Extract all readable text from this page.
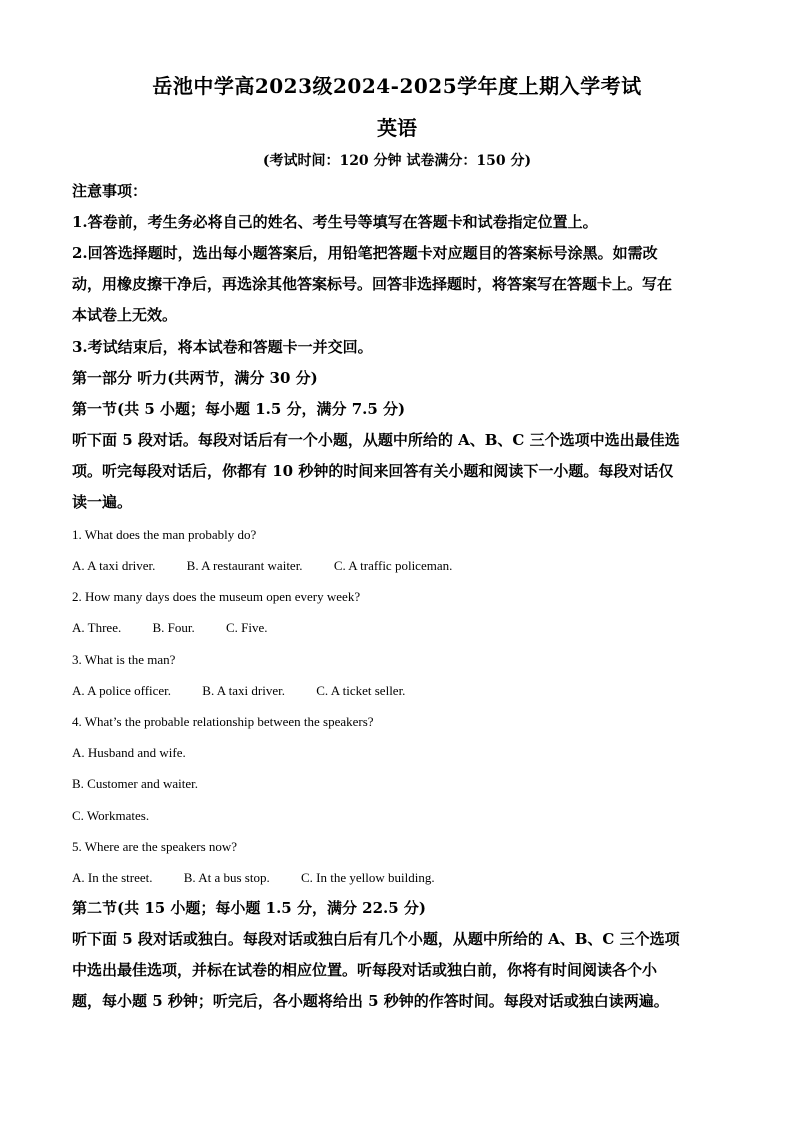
岳池中学高2023级2024-2025学年度上期入学考试
英语
(考试时间：120 分钟 试卷满分：150 分)
注意事项：
1.答卷前，考生务必将自己的姓名、考生号等填写在答题卡和试卷指定位置上。
2.回答选择题时，选出每小题答案后，用铅笔把答题卡对应题目的答案标号涂黑。如需改
动，用橡皮擦干净后，再选涂其他答案标号。回答非选择题时，将答案写在答题卡上。写在
本试卷上无效。
3.考试结束后，将本试卷和答题卡一并交回。
第一部分 听力(共两节，满分 30 分)
第一节(共 5 小题；每小题 1.5 分，满分 7.5 分)
听下面 5 段对话。每段对话后有一个小题，从题中所给的 A、B、C 三个选项中选出最佳选
项。听完每段对话后，你都有 10 秒钟的时间来回答有关小题和阅读下一小题。每段对话仅
读一遍。
1. What does the man probably do?
A. A taxi driver. B. A restaurant waiter. C. A traffic policeman.
2. How many days does the museum open every week?
A. Three. B. Four. C. Five.
3. What is the man?
A. A police officer. B. A taxi driver. C. A ticket seller.
4. What’s the probable relationship between the speakers?
A. Husband and wife.
B. Customer and waiter.
C. Workmates.
5. Where are the speakers now?
A. In the street. B. At a bus stop. C. In the yellow building.
第二节(共 15 小题；每小题 1.5 分，满分 22.5 分)
听下面 5 段对话或独白。每段对话或独白后有几个小题，从题中所给的 A、B、C 三个选项
中选出最佳选项，并标在试卷的相应位置。听每段对话或独白前，你将有时间阅读各个小
题，每小题 5 秒钟；听完后，各小题将给出 5 秒钟的作答时间。每段对话或独白读两遍。
